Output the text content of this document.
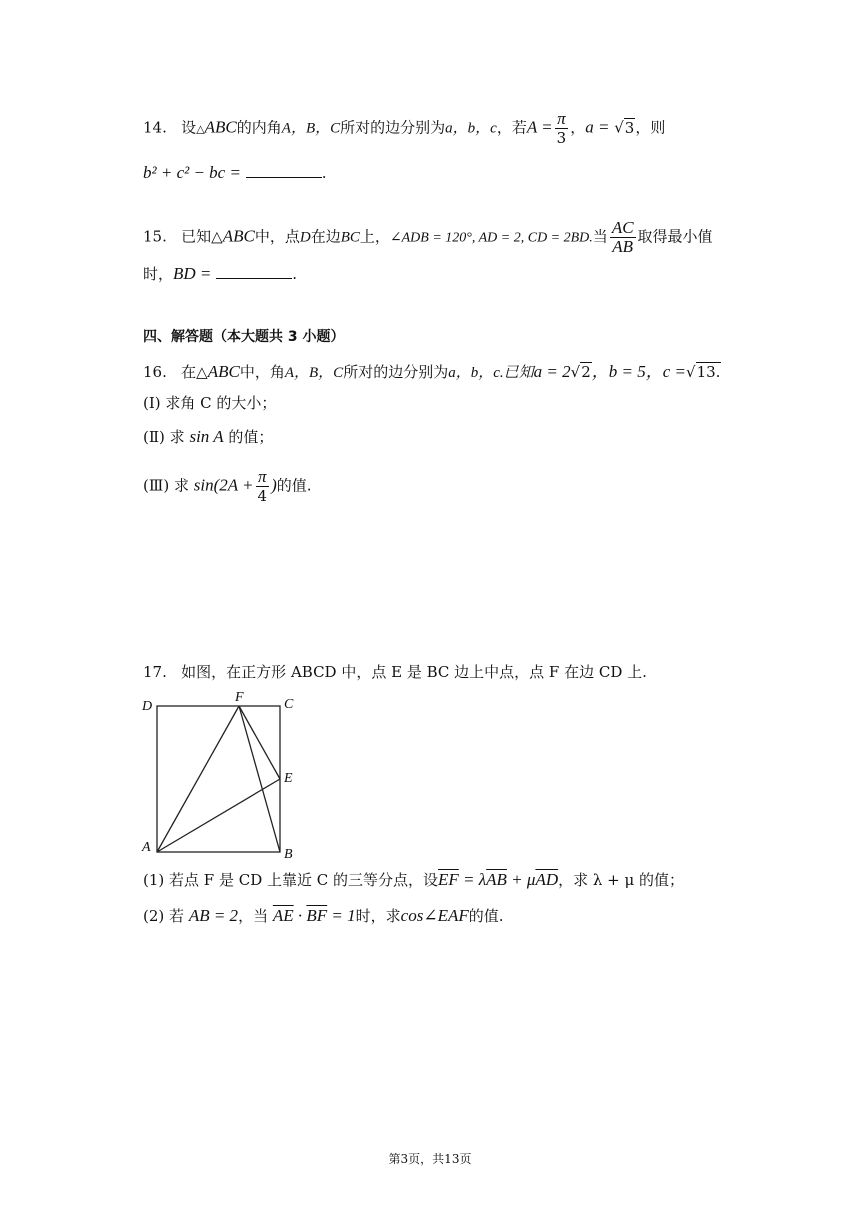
14. 设△ABC的内角A，B，C所对的边分别为a，b，c，若$A = \frac{\pi}{3}$ ，a = √3，则
b² + c² − bc =	.
15. 已知△ABC中，点D在边BC上，∠ADB = 120°, AD = 2, CD = 2BD.当 $\frac{AC}{AB}$ 取得最小值
时，BD =	.
四、解答题（本大题共 3 小题）
16. 在△ABC中，角A，B，C所对的边分别为a，b，c.已知a = 2√2，b = 5，c =√13.
(Ⅰ) 求角 C 的大小；
(Ⅱ) 求 sin A 的值；
(Ⅲ) 求 $\sin(2A + \frac{\pi}{4}$ )的值.
17. 如图，在正方形 ABCD 中，点 E 是 BC 边上中点，点 F 在边 CD 上.
D
F	C
E
A	B
(1) 若点 F 是 CD 上靠近 C 的三等分点，设$\overline{EF} = \lambda\overline{AB} + \mu\overline{AD}$，求 λ + μ 的值；
(2) 若 AB = 2，当 $\overline{AE} \cdot \overline{BF} = 1$时，求cos∠EAF的值.
第3页，共13页
